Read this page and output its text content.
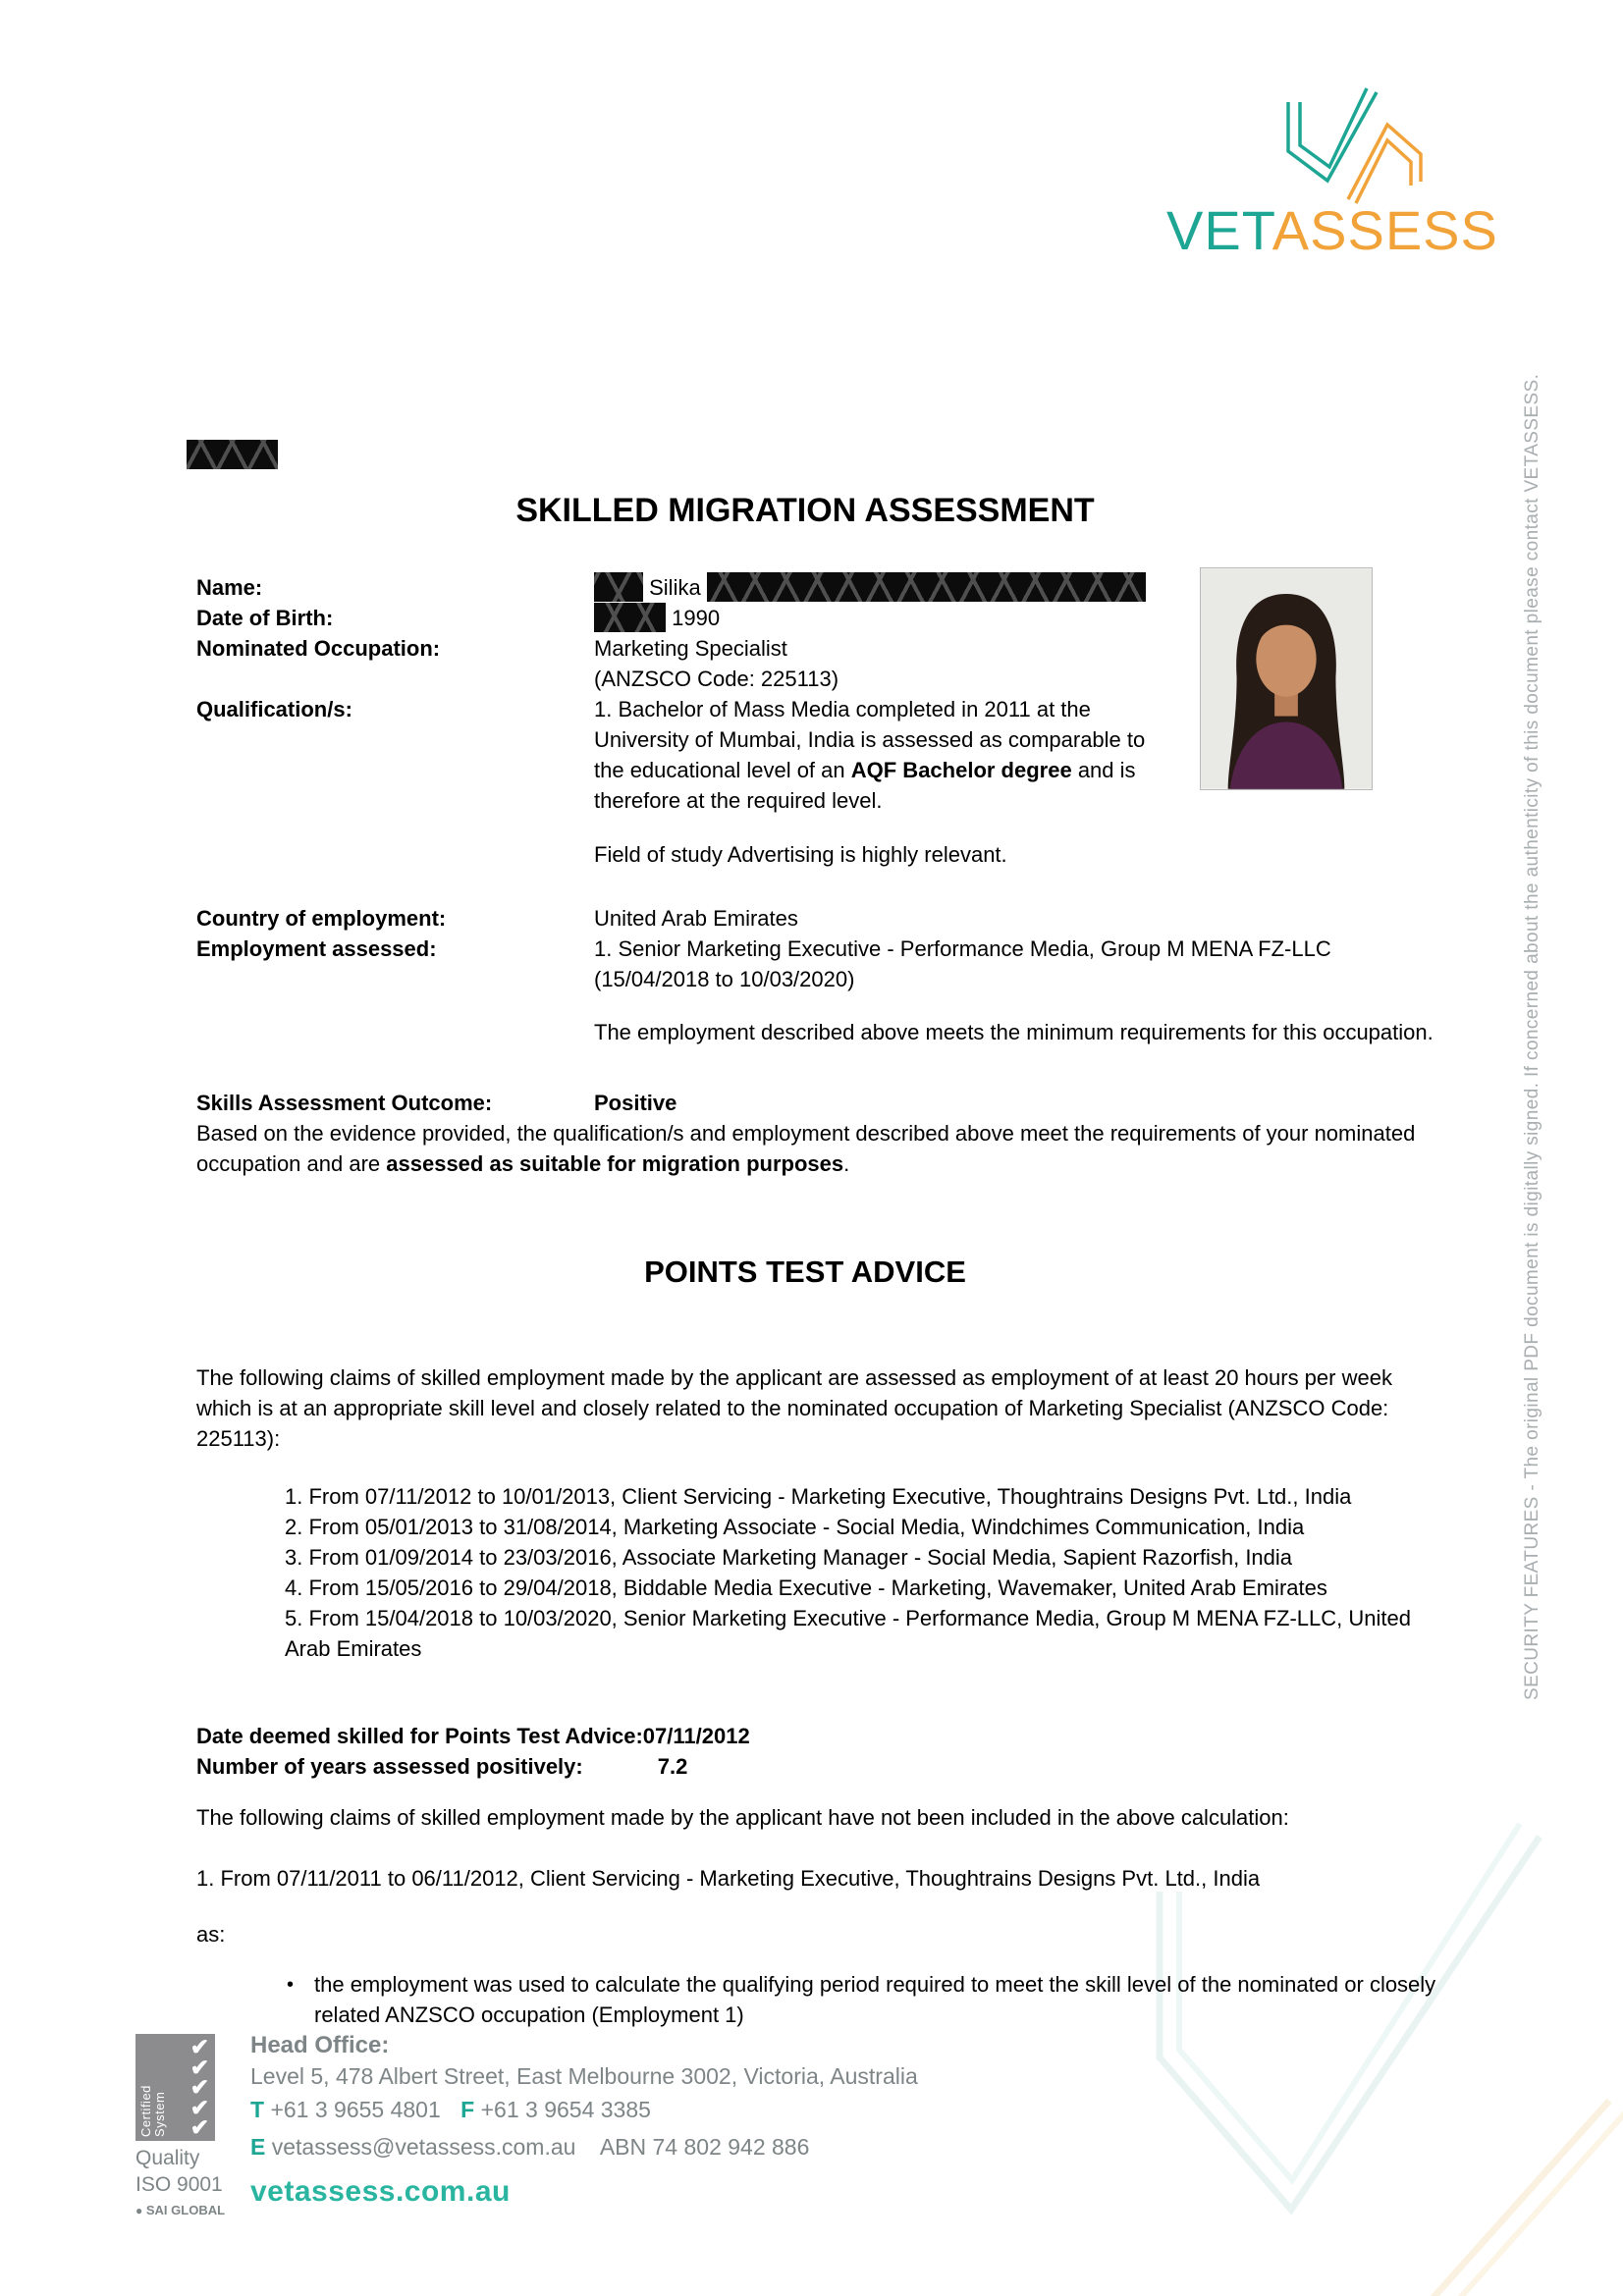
VETASSESS
SECURITY FEATURES - The original PDF document is digitally signed. If concerned about the authenticity of this document please contact VETASSESS.
SKILLED MIGRATION ASSESSMENT
Name:	Silika
Date of Birth:	1990
Nominated Occupation:	Marketing Specialist
(ANZSCO Code: 225113)
Qualification/s:	1. Bachelor of Mass Media completed in 2011 at the University of Mumbai, India is assessed as comparable to the educational level of an AQF Bachelor degree and is therefore at the required level.
Field of study Advertising is highly relevant.
Country of employment:	United Arab Emirates
Employment assessed:	1. Senior Marketing Executive - Performance Media, Group M MENA FZ-LLC
(15/04/2018 to 10/03/2020)
The employment described above meets the minimum requirements for this occupation.
Skills Assessment Outcome:	Positive
Based on the evidence provided, the qualification/s and employment described above meet the requirements of your nominated occupation and are assessed as suitable for migration purposes.
POINTS TEST ADVICE
The following claims of skilled employment made by the applicant are assessed as employment of at least 20 hours per week which is at an appropriate skill level and closely related to the nominated occupation of Marketing Specialist (ANZSCO Code: 225113):
1. From 07/11/2012 to 10/01/2013, Client Servicing - Marketing Executive, Thoughtrains Designs Pvt. Ltd., India
2. From 05/01/2013 to 31/08/2014, Marketing Associate - Social Media, Windchimes Communication, India
3. From 01/09/2014 to 23/03/2016, Associate Marketing Manager - Social Media, Sapient Razorfish, India
4. From 15/05/2016 to 29/04/2018, Biddable Media Executive - Marketing, Wavemaker, United Arab Emirates
5. From 15/04/2018 to 10/03/2020, Senior Marketing Executive - Performance Media, Group M MENA FZ-LLC, United Arab Emirates
Date deemed skilled for Points Test Advice:07/11/2012
Number of years assessed positively:	7.2
The following claims of skilled employment made by the applicant have not been included in the above calculation:
1. From 07/11/2011 to 06/11/2012, Client Servicing - Marketing Executive, Thoughtrains Designs Pvt. Ltd., India
as:
• the employment was used to calculate the qualifying period required to meet the skill level of the nominated or closely related ANZSCO occupation (Employment 1)
Certified System
✔
✔
✔
✔
✔
Quality
ISO 9001
● SAI GLOBAL
Head Office:
Level 5, 478 Albert Street, East Melbourne 3002, Victoria, Australia
T +61 3 9655 4801 F +61 3 9654 3385
E vetassess@vetassess.com.au ABN 74 802 942 886
vetassess.com.au
